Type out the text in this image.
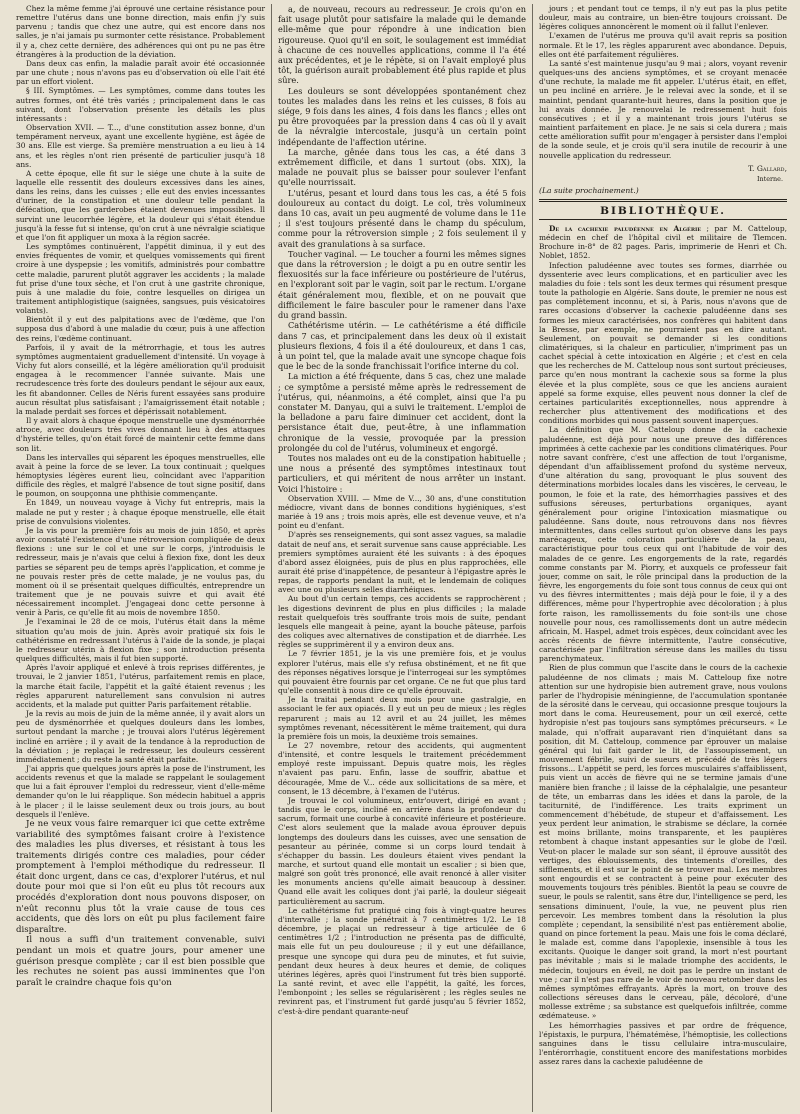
Chez la même femme j'ai éprouvé une certaine résistance pour remettre l'utérus dans une bonne direction, mais enfin j'y suis parvenu ; tandis que chez une autre, qui est encore dans nos salles, je n'ai jamais pu surmonter cette résistance. Probablement il y a, chez cette dernière, des adhérences qui ont pu ne pas être étrangères à la production de la déviation.

Dans deux cas enfin, la maladie paraît avoir été occasionnée par une chute ; nous n'avons pas eu d'observation où elle l'ait été par un effort violent.

§ III. Symptômes. — Les symptômes, comme dans toutes les autres formes, ont été très variés ; principalement dans le cas suivant, dont l'observation présente les détails les plus intéressants :

Observation XVII. — T..., d'une constitution assez bonne, d'un tempérament nerveux, ayant une excellente hygiène, est âgée de 30 ans. Elle est vierge. Sa première menstruation a eu lieu à 14 ans, et les règles n'ont rien présenté de particulier jusqu'à 18 ans.

A cette époque, elle fit sur le siége une chute à la suite de laquelle elle ressentit des douleurs excessives dans les aines, dans les reins, dans les cuisses ; elle eut des envies incessantes d'uriner, de la constipation et une douleur telle pendant la défécation, que les garderobes étaient devenues impossibles. Il survint une leucorrhée légère, et la douleur qui s'était étendue jusqu'à la fesse fut si intense, qu'on crut à une névralgie sciatique et que l'on fit appliquer un moxa à la région sacrée.

Les symptômes continuèrent, l'appétit diminua, il y eut des envies fréquentes de vomir, et quelques vomissements qui firent croire à une dyspepsie ; les vomitifs, administrés pour combattre cette maladie, parurent plutôt aggraver les accidents ; la malade fut prise d'une toux sèche, et l'on crut à une gastrite chronique, puis à une maladie du foie, contre lesquelles on dirigea un traitement antiphlogistique (saignées, sangsues, puis vésicatoires volants).

Bientôt il y eut des palpitations avec de l'œdème, que l'on supposa dus d'abord à une maladie du cœur, puis à une affection des reins, l'œdème continuant.

Parfois, il y avait de la métrorrhagie, et tous les autres symptômes augmentaient graduellement d'intensité. Un voyage à Vichy fut alors conseillé, et la légère amélioration qu'il produisit engagea à le recommencer l'année suivante. Mais une recrudescence très forte des douleurs pendant le séjour aux eaux, les fit abandonner. Celles de Néris furent essayées sans produire aucun résultat plus satisfaisant ; l'amaigrissement était notable ; la malade perdait ses forces et dépérissait notablement.

Il y avait alors à chaque époque menstruelle une dysménorrhée atroce, avec douleurs très vives donnant lieu à des attaques d'hystérie telles, qu'on était forcé de maintenir cette femme dans son lit.

Dans les intervalles qui séparent les époques menstruelles, elle avait à peine la force de se lever. La toux continuait ; quelques hémoptysies légères eurent lieu, coïncidant avec l'apparition difficile des règles, et malgré l'absence de tout signe positif, dans le poumon, on soupçonna une phthisie commençante.

En 1849, un nouveau voyage à Vichy fut entrepris, mais la malade ne put y rester ; à chaque époque menstruelle, elle était prise de convulsions violentes.

Je la vis pour la première fois au mois de juin 1850, et après avoir constaté l'existence d'une rétroversion compliquée de deux flexions : une sur le col et une sur le corps, j'introduisis le redresseur, mais je n'avais que celui à flexion fixe, dont les deux parties se séparent peu de temps après l'application, et comme je ne pouvais rester près de cette malade, je ne voulus pas, du moment où il se présentait quelques difficultés, entreprendre un traitement que je ne pouvais suivre et qui avait été nécessairement incomplet. J'engageai donc cette personne à venir à Paris, ce qu'elle fit au mois de novembre 1850.

Je l'examinai le 28 de ce mois, l'utérus était dans la même situation qu'au mois de juin. Après avoir pratiqué six fois le cathétérisme en redressant l'utérus à l'aide de la sonde, je plaçai le redresseur utérin à flexion fixe ; son introduction présenta quelques difficultés, mais il fut bien supporté.

Après l'avoir appliqué et enlevé à trois reprises différentes, je trouvai, le 2 janvier 1851, l'utérus, parfaitement remis en place, la marche était facile, l'appétit et la gaîté étaient revenus ; les règles apparurent naturellement sans convulsion ni autres accidents, et la malade put quitter Paris parfaitement rétablie.

Je la revis au mois de juin de la même année, il y avait alors un peu de dysménorrhée et quelques douleurs dans les lombes, surtout pendant la marche ; je trouvai alors l'utérus légèrement incliné en arrière ; il y avait de la tendance à la reproduction de la déviation ; je replaçai le redresseur, les douleurs cessèrent immédiatement ; du reste la santé était parfaite.

J'ai appris que quelques jours après la pose de l'instrument, les accidents revenus et que la malade se rappelant le soulagement que lui a fait éprouver l'emploi du redresseur, vient d'elle-même demander qu'on le lui réapplique. Son médecin habituel a appris à le placer ; il le laisse seulement deux ou trois jours, au bout desquels il l'enlève.

Je ne veux vous faire remarquer ici que cette extrême variabilité des symptômes faisant croire à l'existence des maladies les plus diverses, et résistant à tous les traitements dirigés contre ces maladies, pour céder promptement à l'emploi méthodique du redresseur. Il était donc urgent, dans ce cas, d'explorer l'utérus, et nul doute pour moi que si l'on eût eu plus tôt recours aux procédés d'exploration dont nous pouvons disposer, on n'eût reconnu plus tôt la vraie cause de tous ces accidents, que dès lors on eût pu plus facilement faire disparaître.

Il nous a suffi d'un traitement convenable, suivi pendant un mois et quatre jours, pour amener une guérison presque complète ; car il est bien possible que les rechutes ne soient pas aussi imminentes que l'on paraît le craindre chaque fois qu'on

a, de nouveau, recours au redresseur. Je crois qu'on en fait usage plutôt pour satisfaire la malade qui le demande elle-même que pour répondre à une indication bien rigoureuse. Quoi qu'il en soit, le soulagement est immédiat à chacune de ces nouvelles applications, comme il l'a été aux précédentes, et je le répète, si on l'avait employé plus tôt, la guérison aurait probablement été plus rapide et plus sûre.

Les douleurs se sont développées spontanément chez toutes les malades dans les reins et les cuisses, 8 fois au siége, 9 fois dans les aines, 4 fois dans les flancs ; elles ont pu être provoquées par la pression dans 4 cas où il y avait de la névralgie intercostale, jusqu'à un certain point indépendante de l'affection utérine.

La marche, gênée dans tous les cas, a été dans 3 extrêmement difficile, et dans 1 surtout (obs. XIX), la malade ne pouvait plus se baisser pour soulever l'enfant qu'elle nourrissait.

L'utérus, pesant et lourd dans tous les cas, a été 5 fois douloureux au contact du doigt. Le col, très volumineux dans 10 cas, avait un peu augmenté de volume dans le 11e ; il s'est toujours présenté dans le champ du spéculum, comme pour la rétroversion simple ; 2 fois seulement il y avait des granulations à sa surface.

Toucher vaginal. — Le toucher a fourni les mêmes signes que dans la rétroversion ; le doigt a pu en outre sentir les flexuosités sur la face inférieure ou postérieure de l'utérus, en l'explorant soit par le vagin, soit par le rectum. L'organe était généralement mou, flexible, et on ne pouvait que difficilement le faire basculer pour le ramener dans l'axe du grand bassin.

Cathétérisme utérin. — Le cathétérisme a été difficile dans 7 cas, et principalement dans les deux où il existait plusieurs flexions, 4 fois il a été douloureux, et dans 1 cas, à un point tel, que la malade avait une syncope chaque fois que le bec de la sonde franchissait l'orifice interne du col.

La miction a été fréquente, dans 5 cas, chez une malade ; ce symptôme a persisté même après le redressement de l'utérus, qui, néanmoins, a été complet, ainsi que l'a pu constater M. Danyau, qui a suivi le traitement. L'emploi de la belladone a paru faire diminuer cet accident, dont la persistance était due, peut-être, à une inflammation chronique de la vessie, provoquée par la pression prolongée du col de l'utérus, volumineux et engorgé.

Toutes nos malades ont eu de la constipation habituelle ; une nous a présenté des symptômes intestinaux tout particuliers, et qui méritent de nous arrêter un instant. Voici l'histoire :

Observation XVIII. — Mme de V..., 30 ans, d'une constitution médiocre, vivant dans de bonnes conditions hygiéniques, s'est mariée à 19 ans ; trois mois après, elle est devenue veuve, et n'a point eu d'enfant.

D'après ses renseignements, qui sont assez vagues, sa maladie datait de neuf ans, et serait survenue sans cause appréciable. Les premiers symptômes auraient été les suivants : à des époques d'abord assez éloignées, puis de plus en plus rapprochées, elle aurait été prise d'inappétence, de pesanteur à l'épigastre après le repas, de rapports pendant la nuit, et le lendemain de coliques avec une ou plusieurs selles diarrhéiques.

Au bout d'un certain temps, ces accidents se rapprochèrent ; les digestions devinrent de plus en plus difficiles ; la malade restait quelquefois très souffrante trois mois de suite, pendant lesquels elle mangeait à peine, ayant la bouche pâteuse, parfois des coliques avec alternatives de constipation et de diarrhée. Les règles se supprimèrent il y a environ deux ans.

Le 7 février 1851, je la vis une première fois, et je voulus explorer l'utérus, mais elle s'y refusa obstinément, et ne fit que des réponses négatives lorsque je l'interrogeai sur les symptômes qui pouvaient être fournis par cet organe. Ce ne fut que plus tard qu'elle consentit à nous dire ce qu'elle éprouvait.

Je la traitai pendant deux mois pour une gastralgie, en associant le fer aux opiacés. Il y eut un peu de mieux ; les règles reparurent ; mais au 12 avril et au 24 juillet, les mêmes symptômes revenant, nécessitèrent le même traitement, qui dura la première fois un mois, la deuxième trois semaines.

Le 27 novembre, retour des accidents, qui augmentent d'intensité, et contre lesquels le traitement précédemment employé reste impuissant. Depuis quatre mois, les règles n'avaient pas paru. Enfin, lasse de souffrir, abattue et découragée, Mme de V... céde aux sollicitations de sa mère, et consent, le 13 décembre, à l'examen de l'utérus.

Je trouvai le col volumineux, entr'ouvert, dirigé en avant ; tandis que le corps, incliné en arrière dans la profondeur du sacrum, formait une courbe à concavité inférieure et postérieure. C'est alors seulement que la malade avoua éprouver depuis longtemps des douleurs dans les cuisses, avec une sensation de pesanteur au périnée, comme si un corps lourd tendait à s'échapper du bassin. Les douleurs étaient vives pendant la marche, et surtout quand elle montait un escalier ; si bien que, malgré son goût très prononcé, elle avait renoncé à aller visiter les monuments anciens qu'elle aimait beaucoup à dessiner. Quand elle avait les coliques dont j'ai parlé, la douleur siégeait particulièrement au sacrum.

Le cathétérisme fut pratiqué cinq fois à vingt-quatre heures d'intervalle ; la sonde pénétrait à 7 centimètres 1/2. Le 18 décembre, je plaçai un redresseur à tige articulée de 6 centimètres 1/2 ; l'introduction ne présenta pas de difficulté, mais elle fut un peu douloureuse ; il y eut une défaillance, presque une syncope qui dura peu de minutes, et fut suivie, pendant deux heures à deux heures et demie, de coliques utérines légères, après quoi l'instrument fut très bien supporté. La santé revint, et avec elle l'appétit, la gaîté, les forces, l'embonpoint ; les selles se régularisèrent ; les règles seules ne revinrent pas, et l'instrument fut gardé jusqu'au 5 février 1852, c'est-à-dire pendant quarante-neuf

jours ; et pendant tout ce temps, il n'y eut pas la plus petite douleur, mais au contraire, un bien-être toujours croissant. De légères coliques annoncèrent le moment où il fallut l'enlever.

L'examen de l'utérus me prouva qu'il avait repris sa position normale. Et le 17, les règles apparurent avec abondance. Depuis, elles ont été parfaitement régulières.

La santé s'est maintenue jusqu'au 9 mai ; alors, voyant revenir quelques-uns des anciens symptômes, et se croyant menacée d'une rechute, la malade me fit appeler. L'utérus était, en effet, un peu incliné en arrière. Je le relevai avec la sonde, et il se maintint, pendant quarante-huit heures, dans la position que je lui avais donnée. Je renouvelai le redressement huit fois consécutives ; et il y a maintenant trois jours l'utérus se maintient parfaitement en place. Je ne sais si cela durera ; mais cette amélioration suffit pour m'engager à persister dans l'emploi de la sonde seule, et je crois qu'il sera inutile de recourir à une nouvelle application du redresseur.

T. Gallard,
Interne.
(La suite prochainement.)
BIBLIOTHÈQUE.

De la cachexie paludéenne en Algérie ; par M. Catteloup, médecin en chef de l'hôpital civil et militaire de Tlemcen. Brochure in-8° de 82 pages. Paris, imprimerie de Henri et Ch. Noblet, 1852.

Infection paludéenne avec toutes ses formes, diarrhée ou dyssenterie avec leurs complications, et en particulier avec les maladies du foie : tels sont les deux termes qui résument presque toute la pathologie en Algérie. Sans doute, le premier ne nous est pas complètement inconnu, et si, à Paris, nous n'avons que de rares occasions d'observer la cachexie paludéenne dans ses formes les mieux caractérisées, nos confrères qui habitent dans la Bresse, par exemple, ne pourraient pas en dire autant. Seulement, on pouvait se demander si les conditions climatériques, si la chaleur en particulier, n'impriment pas un cachet spécial à cette intoxication en Algérie ; et c'est en cela que les recherches de M. Catteloup nous sont surtout précieuses, parce qu'en nous montrant la cachexie sous sa forme la plus élevée et la plus complète, sous ce que les anciens auraient appelé sa forme exquise, elles peuvent nous donner la clef de certaines particularités exceptionnelles, nous apprendre à rechercher plus attentivement des modifications et des conditions morbides qui nous passent souvent inaperçues.

La définition que M. Catteloup donne de la cachexie paludéenne, est déjà pour nous une preuve des différences imprimées à cette cachexie par les conditions climatériques. Pour notre savant confrère, c'est une affection de tout l'organisme, dépendant d'un affaiblissement profond du système nerveux, d'une altération du sang, provoquant le plus souvent des déterminations morbides locales dans les viscères, le cerveau, le poumon, le foie et la rate, des hémorrhagies passives et des suffusions séreuses, perturbations organiques, ayant généralement pour origine l'intoxication miasmatique ou paludéenne. Sans doute, nous retrouvons dans nos fièvres intermittentes, dans celles surtout qu'on observe dans les pays marécageux, cette coloration particulière de la peau, caractéristique pour tous ceux qui ont l'habitude de voir des malades de ce genre. Les engorgements de la rate, regardés comme constants par M. Piorry, et auxquels ce professeur fait jouer, comme on sait, le rôle principal dans la production de la fièvre, les engorgements du foie sont tous connus de ceux qui ont vu des fièvres intermittentes ; mais déjà pour le foie, il y a des différences, même pour l'hypertrophie avec décoloration ; à plus forte raison, les ramollissements du foie sont-ils une chose nouvelle pour nous, ces ramollissements dont un autre médecin africain, M. Haspel, admet trois espèces, deux coïncidant avec les accès récents de fièvre intermittente, l'autre consécutive, caractérisée par l'infiltration séreuse dans les mailles du tissu parenchymateux.

Rien de plus commun que l'ascite dans le cours de la cachexie paludéenne de nos climats ; mais M. Catteloup fixe notre attention sur une hydropisie bien autrement grave, nous voulons parler de l'hydropisie méningienne, de l'accumulation spontanée de la sérosité dans le cerveau, qui occasionne presque toujours la mort dans le coma. Heureusement, pour un œil exercé, cette hydropisie n'est pas toujours sans symptômes précurseurs. « Le malade, qui n'offrait auparavant rien d'inquiétant dans sa position, dit M. Catteloup, commence par éprouver un malaise général qui lui fait garder le lit, de l'assoupissement, un mouvement fébrile, suivi de sueurs et précédé de très légers frissons... L'appétit se perd, les forces musculaires s'affaiblissent, puis vient un accès de fièvre qui ne se termine jamais d'une manière bien franche ; il laisse de la céphalalgie, une pesanteur de tête, un embarras dans les idées et dans la parole, de la taciturnité, de l'indifférence. Les traits expriment un commencement d'hébétude, de stupeur et d'affaissement. Les yeux perdent leur animation, le strabisme se déclare, la cornée est moins brillante, moins transparente, et les paupières retombent à chaque instant appesanties sur le globe de l'œil. Veut-on placer le malade sur son séant, il éprouve aussitôt des vertiges, des éblouissements, des tintements d'oreilles, des sifflements, et il est sur le point de se trouver mal. Les membres sont engourdis et se contractent à peine pour exécuter des mouvements toujours très pénibles. Bientôt la peau se couvre de sueur, le pouls se ralentit, sans être dur, l'intelligence se perd, les sensations diminuent, l'ouïe, la vue, ne peuvent plus rien percevoir. Les membres tombent dans la résolution la plus complète ; cependant, la sensibilité n'est pas entièrement abolie, quand on pince fortement la peau. Mais une fois le coma déclaré, le malade est, comme dans l'apoplexie, insensible à tous les excitants. Quoique le danger soit grand, la mort n'est pourtant pas inévitable ; mais si le malade triomphe des accidents, le médecin, toujours en éveil, ne doit pas le perdre un instant de vue ; car il n'est pas rare de le voir de nouveau retomber dans les mêmes symptômes effrayants. Après la mort, on trouve des collections séreuses dans le cerveau, pâle, décoloré, d'une mollesse extrême ; sa substance est quelquefois infiltrée, comme œdémateuse. »

Les hémorrhagies passives et par ordre de fréquence, l'épistaxis, le purpura, l'hématémèse, l'hémoptisie, les collections sanguines dans le tissu cellulaire intra-musculaire, l'entérorrhagie, constituent encore des manifestations morbides assez rares dans la cachexie paludéenne de
